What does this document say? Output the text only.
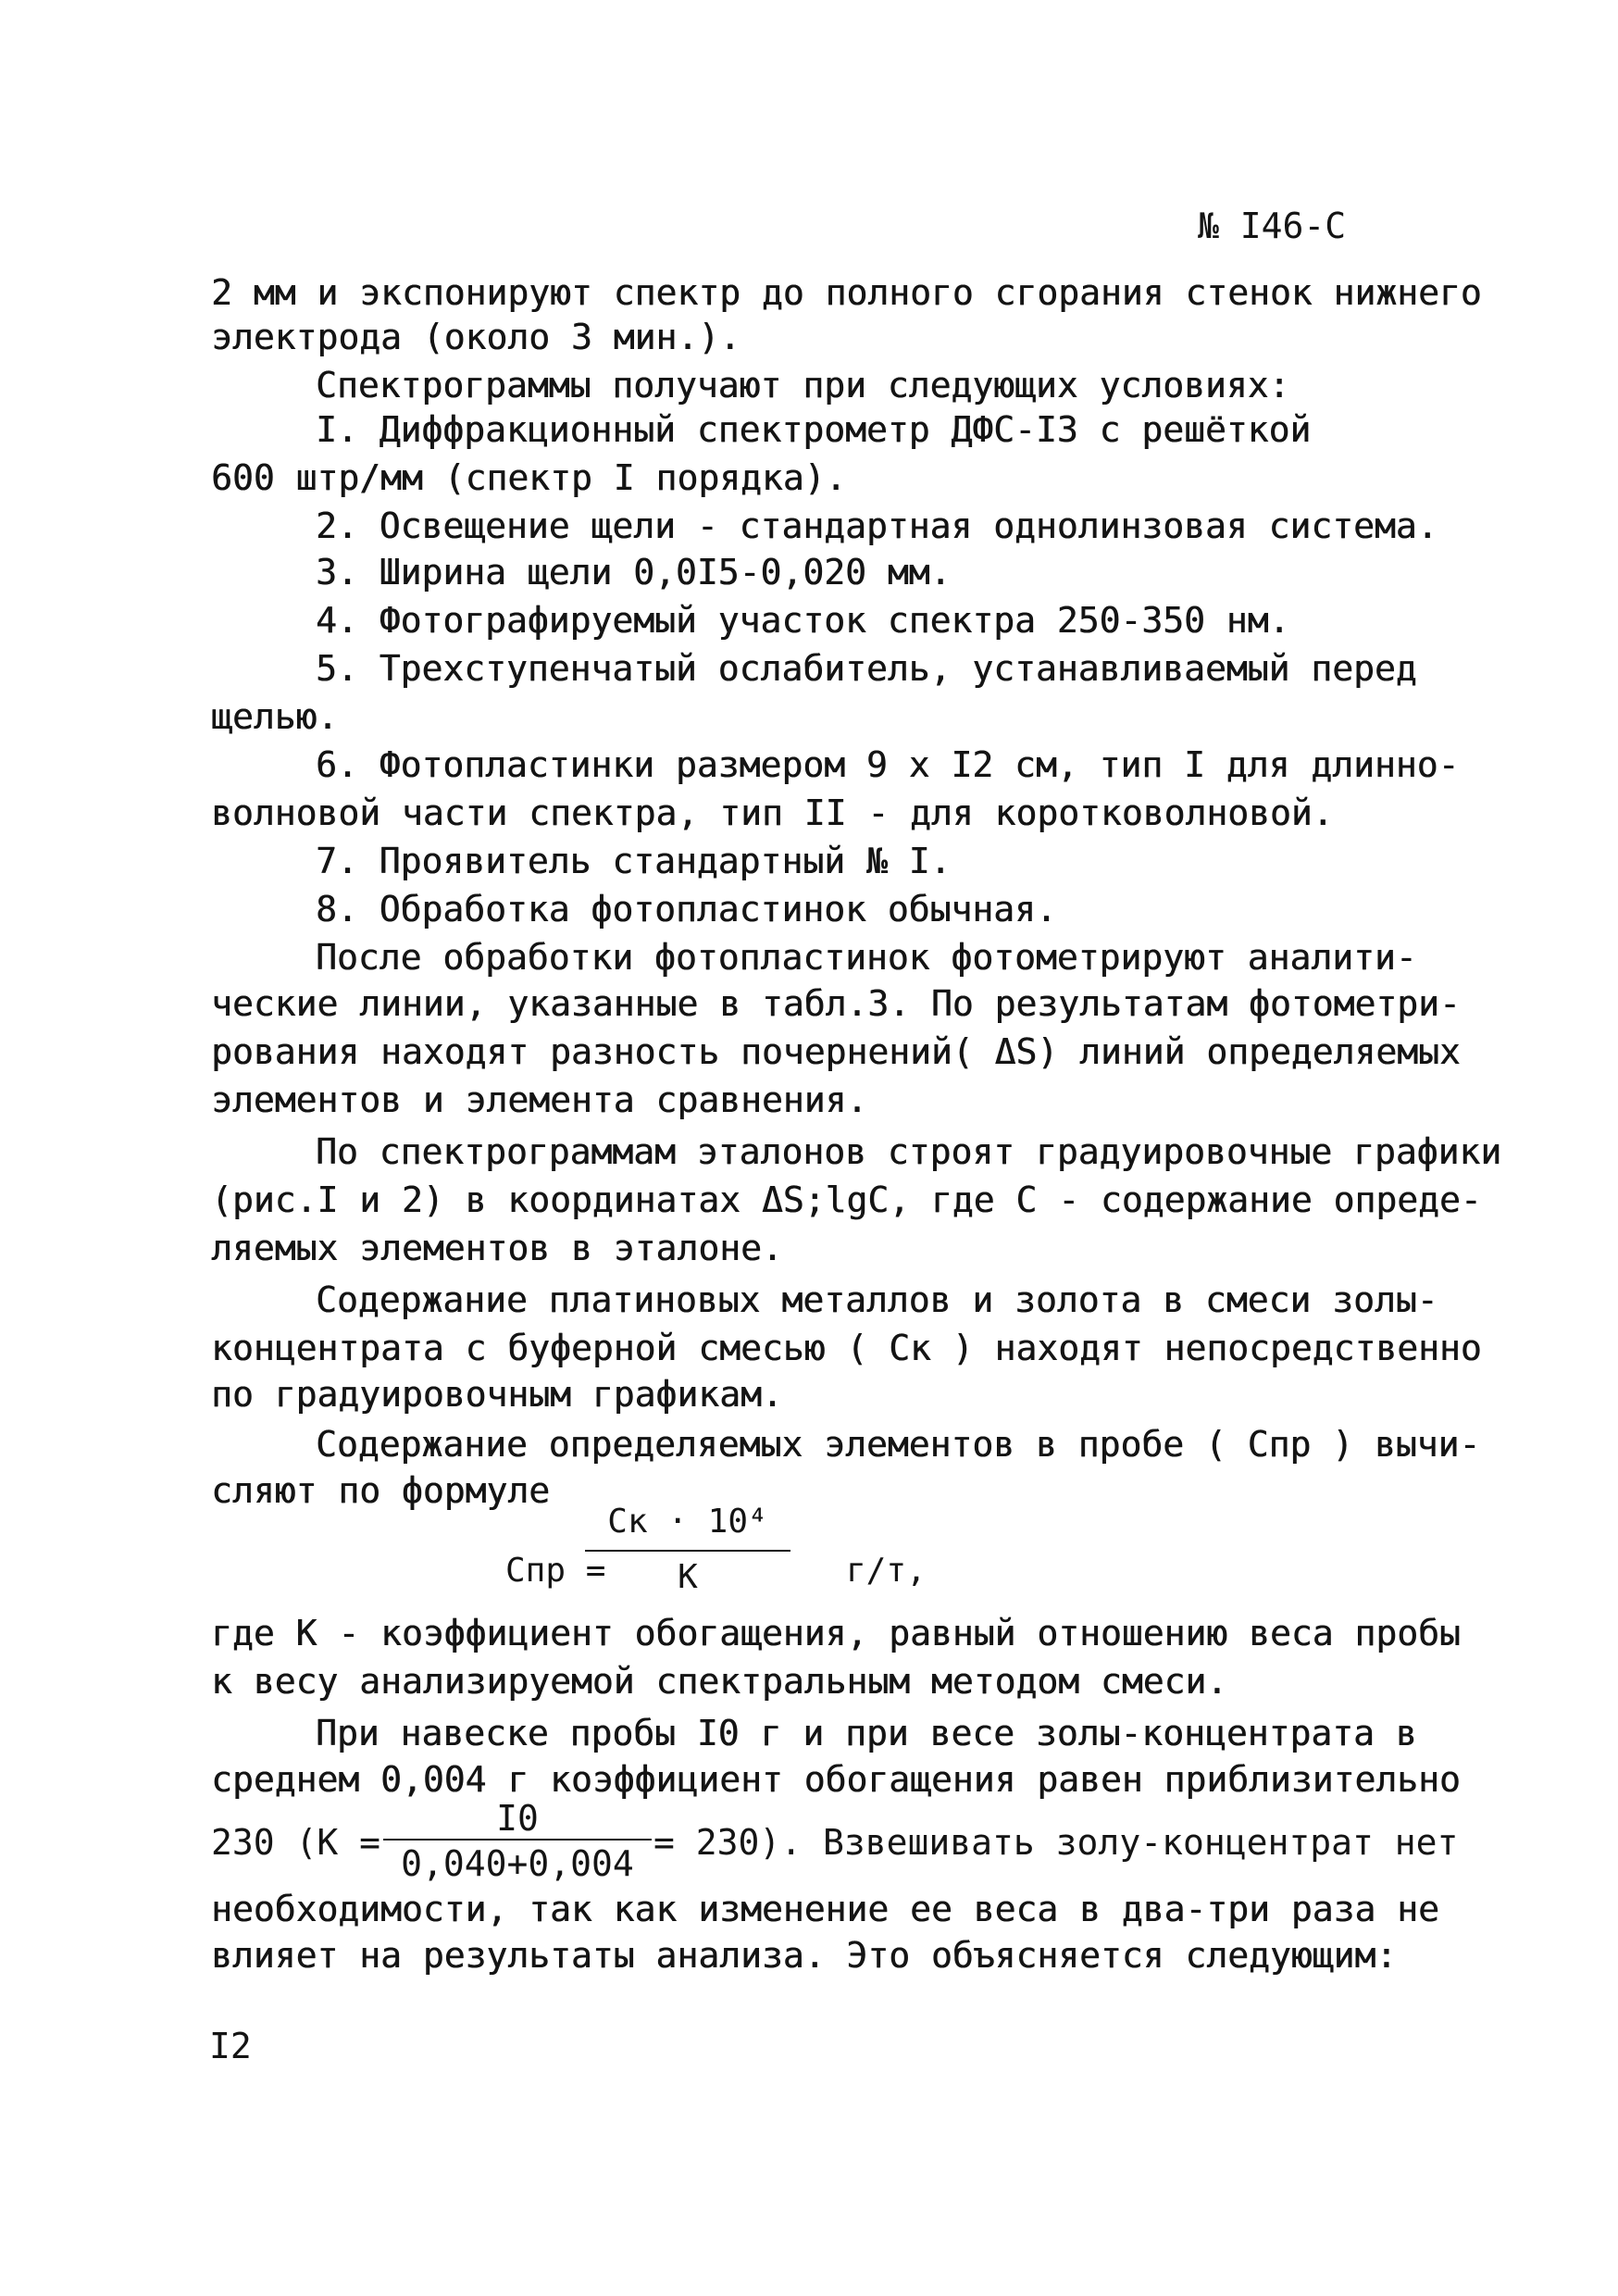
№ I46-C
2 мм и экспонируют спектр до полного сгорания стенок нижнего
электрода (около 3 мин.).
Спектрограммы получают при следующих условиях:
I. Диффракционный спектрометр ДФС-I3 с решёткой
600 штр/мм (спектр I порядка).
2. Освещение щели - стандартная однолинзовая система.
3. Ширина щели 0,0I5-0,020 мм.
4. Фотографируемый участок спектра 250-350 нм.
5. Трехступенчатый ослабитель, устанавливаемый перед
щелью.
6. Фотопластинки размером 9 х I2 см, тип I для длинно-
волновой части спектра, тип II - для коротковолновой.
7. Проявитель стандартный № I.
8. Обработка фотопластинок обычная.
После обработки фотопластинок фотометрируют аналити-
ческие линии, указанные в табл.3. По результатам фотометри-
рования находят разность почернений( ΔS) линий определяемых
элементов и элемента сравнения.
По спектрограммам эталонов строят градуировочные графики
(рис.I и 2) в координатах ΔS;lgC, где C - содержание опреде-
ляемых элементов в эталоне.
Содержание платиновых металлов и золота в смеси золы-
концентрата с буферной смесью ( Cк ) находят непосредственно
по градуировочным графикам.
Содержание определяемых элементов в пробе ( Cпр ) вычи-
сляют по формуле
Cпр =
Cк · 10⁴
K	г/т,
где K - коэффициент обогащения, равный отношению веса пробы
к весу анализируемой спектральным методом смеси.
При навеске пробы I0 г и при весе золы-концентрата в
среднем 0,004 г коэффициент обогащения равен приблизительно
230 (K =
I0
0,040+0,004
= 230). Взвешивать золу-концентрат нет
необходимости, так как изменение ее веса в два-три раза не
влияет на результаты анализа. Это объясняется следующим:
I2
